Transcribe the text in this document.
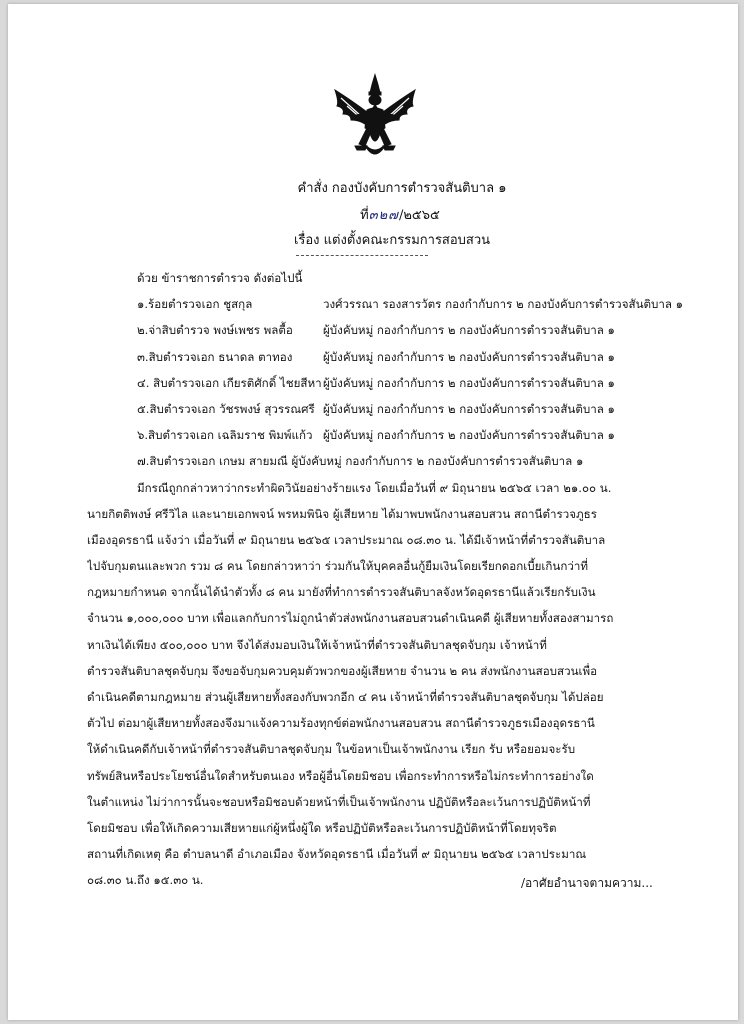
คำสั่ง กองบังคับการตำรวจสันติบาล ๑
ที่๓๒๗/๒๕๖๕
เรื่อง แต่งตั้งคณะกรรมการสอบสวน
ด้วย ข้าราชการตำรวจ ดังต่อไปนี้
๑.ร้อยตำรวจเอก ชูสกุล	วงศ์วรรณา รองสารวัตร กองกำกับการ ๒ กองบังคับการตำรวจสันติบาล ๑
๒.จ่าสิบตำรวจ พงษ์เพชร พลตื้อ	ผู้บังคับหมู่ กองกำกับการ ๒ กองบังคับการตำรวจสันติบาล ๑
๓.สิบตำรวจเอก ธนาดล ตาทอง	ผู้บังคับหมู่ กองกำกับการ ๒ กองบังคับการตำรวจสันติบาล ๑
๔. สิบตำรวจเอก เกียรติศักดิ์ ไชยสีหา ผู้บังคับหมู่ กองกำกับการ ๒ กองบังคับการตำรวจสันติบาล ๑
๕.สิบตำรวจเอก วัชรพงษ์ สุวรรณศรี ผู้บังคับหมู่ กองกำกับการ ๒ กองบังคับการตำรวจสันติบาล ๑
๖.สิบตำรวจเอก เฉลิมราช พิมพ์แก้ว ผู้บังคับหมู่ กองกำกับการ ๒ กองบังคับการตำรวจสันติบาล ๑
๗.สิบตำรวจเอก เกษม สายมณี ผู้บังคับหมู่ กองกำกับการ ๒ กองบังคับการตำรวจสันติบาล ๑
มีกรณีถูกกล่าวหาว่ากระทำผิดวินัยอย่างร้ายแรง โดยเมื่อวันที่ ๙ มิถุนายน ๒๕๖๕ เวลา ๒๑.๐๐ น.
นายกิตติพงษ์ ศรีวิไล และนายเอกพจน์ พรหมพินิจ ผู้เสียหาย ได้มาพบพนักงานสอบสวน สถานีตำรวจภูธร
เมืองอุดรธานี แจ้งว่า เมื่อวันที่ ๙ มิถุนายน ๒๕๖๕ เวลาประมาณ ๐๘.๓๐ น. ได้มีเจ้าหน้าที่ตำรวจสันติบาล
ไปจับกุมตนและพวก รวม ๘ คน โดยกล่าวหาว่า ร่วมกันให้บุคคลอื่นกู้ยืมเงินโดยเรียกดอกเบี้ยเกินกว่าที่
กฎหมายกำหนด จากนั้นได้นำตัวทั้ง ๘ คน มายังที่ทำการตำรวจสันติบาลจังหวัดอุดรธานีแล้วเรียกรับเงิน
จำนวน ๑,๐๐๐,๐๐๐ บาท เพื่อแลกกับการไม่ถูกนำตัวส่งพนักงานสอบสวนดำเนินคดี ผู้เสียหายทั้งสองสามารถ
หาเงินได้เพียง ๕๐๐,๐๐๐ บาท จึงได้ส่งมอบเงินให้เจ้าหน้าที่ตำรวจสันติบาลชุดจับกุม เจ้าหน้าที่
ตำรวจสันติบาลชุดจับกุม จึงขอจับกุมควบคุมตัวพวกของผู้เสียหาย จำนวน ๒ คน ส่งพนักงานสอบสวนเพื่อ
ดำเนินคดีตามกฎหมาย ส่วนผู้เสียหายทั้งสองกับพวกอีก ๔ คน เจ้าหน้าที่ตำรวจสันติบาลชุดจับกุม ได้ปล่อย
ตัวไป ต่อมาผู้เสียหายทั้งสองจึงมาแจ้งความร้องทุกข์ต่อพนักงานสอบสวน สถานีตำรวจภูธรเมืองอุดรธานี
ให้ดำเนินคดีกับเจ้าหน้าที่ตำรวจสันติบาลชุดจับกุม ในข้อหาเป็นเจ้าพนักงาน เรียก รับ หรือยอมจะรับ
ทรัพย์สินหรือประโยชน์อื่นใดสำหรับตนเอง หรือผู้อื่นโดยมิชอบ เพื่อกระทำการหรือไม่กระทำการอย่างใด
ในตำแหน่ง ไม่ว่าการนั้นจะชอบหรือมิชอบด้วยหน้าที่เป็นเจ้าพนักงาน ปฏิบัติหรือละเว้นการปฏิบัติหน้าที่
โดยมิชอบ เพื่อให้เกิดความเสียหายแก่ผู้หนึ่งผู้ใด หรือปฏิบัติหรือละเว้นการปฏิบัติหน้าที่โดยทุจริต
สถานที่เกิดเหตุ คือ ตำบลนาดี อำเภอเมือง จังหวัดอุดรธานี เมื่อวันที่ ๙ มิถุนายน ๒๕๖๕ เวลาประมาณ
๐๘.๓๐ น.ถึง ๑๕.๓๐ น.	/อาศัยอำนาจตามความ...
